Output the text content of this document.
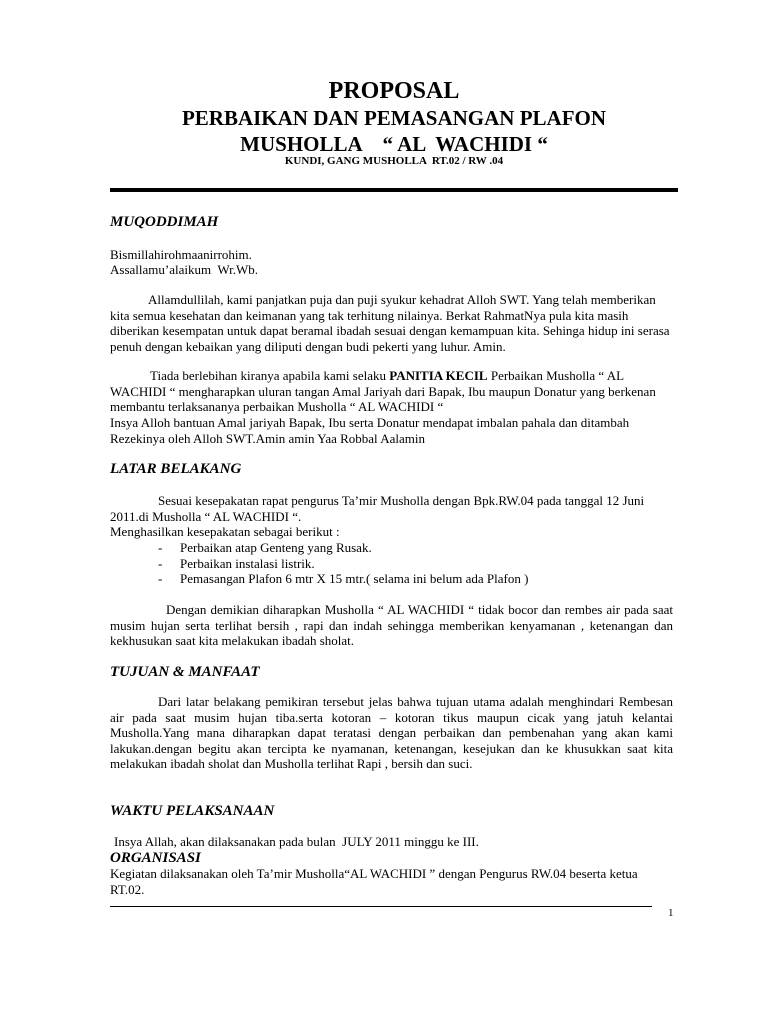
PROPOSAL
PERBAIKAN DAN PEMASANGAN PLAFON
MUSHOLLA    “ AL  WACHIDI “
KUNDI, GANG MUSHOLLA  RT.02 / RW .04
MUQODDIMAH
Bismillahirohmaanirrohim.
Assallamu’alaikum  Wr.Wb.

Allamdullilah, kami panjatkan puja dan puji syukur kehadrat Alloh SWT. Yang telah memberikan kita semua kesehatan dan keimanan yang tak terhitung nilainya. Berkat RahmatNya pula kita masih diberikan kesempatan untuk dapat beramal ibadah sesuai dengan kemampuan kita. Sehinga hidup ini serasa penuh dengan kebaikan yang diliputi dengan budi pekerti yang luhur. Amin.

Tiada berlebihan kiranya apabila kami selaku PANITIA KECIL Perbaikan Musholla “ AL WACHIDI “ mengharapkan uluran tangan Amal Jariyah dari Bapak, Ibu maupun Donatur yang berkenan membantu terlaksananya perbaikan Musholla “ AL WACHIDI “

Insya Alloh bantuan Amal jariyah Bapak, Ibu serta Donatur mendapat imbalan pahala dan ditambah Rezekinya oleh Alloh SWT.Amin amin Yaa Robbal Aalamin

LATAR BELAKANG

Sesuai kesepakatan rapat pengurus Ta’mir Musholla dengan Bpk.RW.04 pada tanggal 12 Juni 2011.di Musholla “ AL WACHIDI “.

Menghasilkan kesepakatan sebagai berikut :
- Perbaikan atap Genteng yang Rusak.
- Perbaikan instalasi listrik.
- Pemasangan Plafon 6 mtr X 15 mtr.( selama ini belum ada Plafon )

Dengan demikian diharapkan Musholla “ AL WACHIDI “ tidak bocor dan rembes air pada saat musim hujan serta terlihat bersih , rapi dan indah sehingga memberikan kenyamanan , ketenangan dan kekhusukan saat kita melakukan ibadah sholat.

TUJUAN & MANFAAT

Dari latar belakang pemikiran tersebut jelas bahwa tujuan utama adalah menghindari Rembesan air pada saat musim hujan tiba.serta kotoran – kotoran tikus maupun cicak yang jatuh kelantai Musholla.Yang mana diharapkan dapat teratasi dengan perbaikan dan pembenahan yang akan kami lakukan.dengan begitu akan tercipta ke nyamanan, ketenangan, kesejukan dan ke khusukkan saat kita melakukan ibadah sholat dan Musholla terlihat Rapi , bersih dan suci.

WAKTU PELAKSANAAN
Insya Allah, akan dilaksanakan pada bulan  JULY 2011 minggu ke III.
ORGANISASI

Kegiatan dilaksanakan oleh Ta’mir Musholla“AL WACHIDI ” dengan Pengurus RW.04 beserta ketua RT.02.

1
